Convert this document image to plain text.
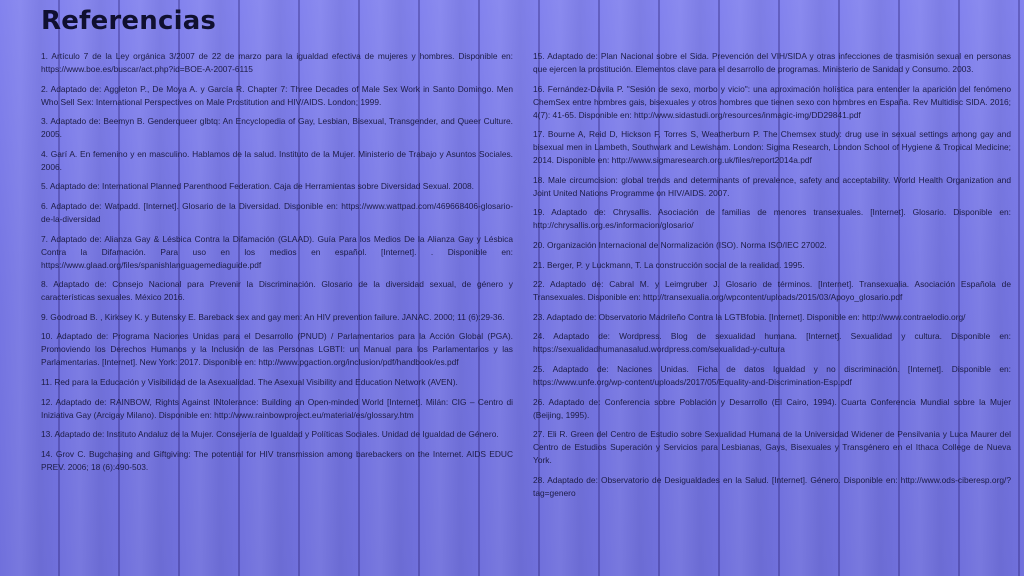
Referencias

1. Artículo 7 de la Ley orgánica 3/2007 de 22 de marzo para la igualdad efectiva de mujeres y hombres. Disponible en: https://www.boe.es/buscar/act.php?id=BOE-A-2007-6115

2. Adaptado de: Aggleton P., De Moya A. y García R. Chapter 7: Three Decades of Male Sex Work in Santo Domingo. Men Who Sell Sex: International Perspectives on Male Prostitution and HIV/AIDS. London; 1999.

3. Adaptado de: Beemyn B. Genderqueer glbtq: An Encyclopedia of Gay, Lesbian, Bisexual, Transgender, and Queer Culture. 2005.

4. Garí A. En femenino y en masculino. Hablamos de la salud. Instituto de la Mujer. Ministerio de Trabajo y Asuntos Sociales. 2006.

5. Adaptado de: International Planned Parenthood Federation. Caja de Herramientas sobre Diversidad Sexual. 2008.

6. Adaptado de: Watpadd. [Internet]. Glosario de la Diversidad. Disponible en: https://www.wattpad.com/469668406-glosario-de-la-diversidad

7. Adaptado de: Alianza Gay & Lésbica Contra la Difamación (GLAAD). Guía Para los Medios De la Alianza Gay y Lésbica Contra la Difamación. Para uso en los medios en español. [Internet]. . Disponible en: https://www.glaad.org/files/spanishlanguagemediaguide.pdf

8. Adaptado de: Consejo Nacional para Prevenir la Discriminación. Glosario de la diversidad sexual, de género y características sexuales. México 2016.

9. Goodroad B. , Kirksey K. y Butensky E. Bareback sex and gay men: An HIV prevention failure. JANAC. 2000; 11 (6):29-36.

10. Adaptado de: Programa Naciones Unidas para el Desarrollo (PNUD) / Parlamentarios para la Acción Global (PGA). Promoviendo los Derechos Humanos y la Inclusión de las Personas LGBTI: un Manual para los Parlamentarios y las Parlamentarias. [Internet]. New York: 2017. Disponible en: http://www.pgaction.org/inclusion/pdf/handbook/es.pdf

11. Red para la Educación y Visibilidad de la Asexualidad. The Asexual Visibility and Education Network (AVEN).

12. Adaptado de: RAINBOW, Rights Against INtolerance: Building an Open-minded World [Internet]. Milán: CIG – Centro di Iniziativa Gay (Arcigay Milano). Disponible en: http://www.rainbowproject.eu/material/es/glossary.htm

13. Adaptado de: Instituto Andaluz de la Mujer. Consejería de Igualdad y Políticas Sociales. Unidad de Igualdad de Género.

14. Grov C. Bugchasing and Giftgiving: The potential for HIV transmission among barebackers on the Internet. AIDS EDUC PREV. 2006; 18 (6):490-503.

15. Adaptado de: Plan Nacional sobre el Sida. Prevención del VIH/SIDA y otras infecciones de trasmisión sexual en personas que ejercen la prostitución. Elementos clave para el desarrollo de programas. Ministerio de Sanidad y Consumo. 2003.

16. Fernández-Dávila P. "Sesión de sexo, morbo y vicio": una aproximación holística para entender la aparición del fenómeno ChemSex entre hombres gais, bisexuales y otros hombres que tienen sexo con hombres en España. Rev Multidisc SIDA. 2016; 4(7): 41-65. Disponible en: http://www.sidastudi.org/resources/inmagic-img/DD29841.pdf

17. Bourne A, Reid D, Hickson F, Torres S, Weatherburn P. The Chemsex study: drug use in sexual settings among gay and bisexual men in Lambeth, Southwark and Lewisham. London: Sigma Research, London School of Hygiene & Tropical Medicine; 2014. Disponible en: http://www.sigmaresearch.org.uk/files/report2014a.pdf

18. Male circumcision: global trends and determinants of prevalence, safety and acceptability. World Health Organization and Joint United Nations Programme on HIV/AIDS. 2007.

19. Adaptado de: Chrysallis. Asociación de familias de menores transexuales. [Internet]. Glosario. Disponible en: http://chrysallis.org.es/informacion/glosario/

20. Organización Internacional de Normalización (ISO). Norma ISO/IEC 27002.

21. Berger, P. y Luckmann, T. La construcción social de la realidad. 1995.

22. Adaptado de: Cabral M. y Leimgruber J. Glosario de términos. [Internet]. Transexualia. Asociación Española de Transexuales. Disponible en: http://transexualia.org/wpcontent/uploads/2015/03/Apoyo_glosario.pdf

23. Adaptado de: Observatorio Madrileño Contra la LGTBfobia. [Internet]. Disponible en: http://www.contraelodio.org/

24. Adaptado de: Wordpress. Blog de sexualidad humana. [Internet]. Sexualidad y cultura. Disponible en: https://sexualidadhumanasalud.wordpress.com/sexualidad-y-cultura

25. Adaptado de: Naciones Unidas. Ficha de datos Igualdad y no discriminación. [Internet]. Disponible en: https://www.unfe.org/wp-content/uploads/2017/05/Equality-and-Discrimination-Esp.pdf

26. Adaptado de: Conferencia sobre Población y Desarrollo (El Cairo, 1994). Cuarta Conferencia Mundial sobre la Mujer (Beijing, 1995).

27. Eli R. Green del Centro de Estudio sobre Sexualidad Humana de la Universidad Widener de Pensilvania y Luca Maurer del Centro de Estudios Superación y Servicios para Lesbianas, Gays, Bisexuales y Transgénero en el Ithaca College de Nueva York.

28. Adaptado de: Observatorio de Desigualdades en la Salud. [Internet]. Género. Disponible en: http://www.ods-ciberesp.org/?tag=genero
